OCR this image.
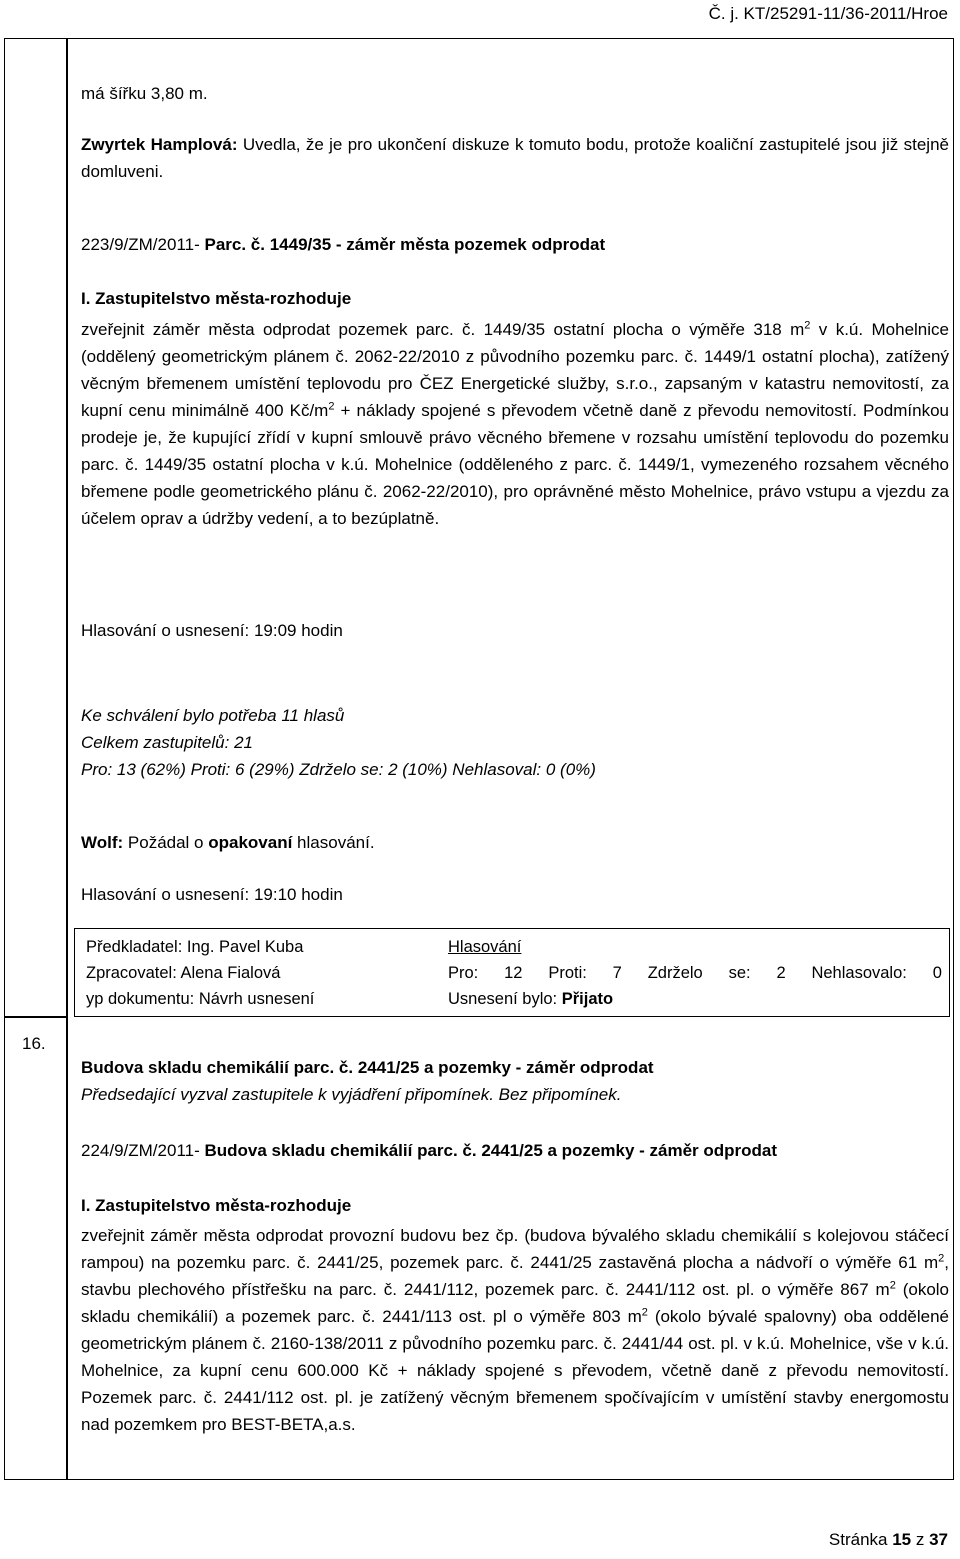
Č. j. KT/25291-11/36-2011/Hroe
16.

má šířku 3,80 m.

Zwyrtek Hamplová: Uvedla, že je pro ukončení diskuze k tomuto bodu, protože koaliční zastupitelé jsou již stejně domluveni.

223/9/ZM/2011- Parc. č. 1449/35 - záměr města pozemek odprodat

I. Zastupitelstvo města-rozhoduje

zveřejnit záměr města odprodat pozemek parc. č. 1449/35 ostatní plocha o výměře 318 $m^2$ v k.ú. Mohelnice (oddělený geometrickým plánem č. 2062-22/2010 z původního pozemku parc. č. 1449/1 ostatní plocha), zatížený věcným břemenem umístění teplovodu pro ČEZ Energetické služby, s.r.o., zapsaným v katastru nemovitostí, za kupní cenu minimálně 400 $Kč/m^2$ + náklady spojené s převodem včetně daně z převodu nemovitostí. Podmínkou prodeje je, že kupující zřídí v kupní smlouvě právo věcného břemene v rozsahu umístění teplovodu do pozemku parc. č. 1449/35 ostatní plocha v k.ú. Mohelnice (odděleného z parc. č. 1449/1, vymezeného rozsahem věcného břemene podle geometrického plánu č. 2062-22/2010), pro oprávněné město Mohelnice, právo vstupu a vjezdu za účelem oprav a údržby vedení, a to bezúplatně.

Hlasování o usnesení: 19:09 hodin

Ke schválení bylo potřeba 11 hlasů
Celkem zastupitelů: 21
Pro: 13 (62%) Proti: 6 (29%) Zdrželo se: 2 (10%) Nehlasoval: 0 (0%)

Wolf: Požádal o opakovaní hlasování.

Hlasování o usnesení: 19:10 hodin

Předkladatel: Ing. Pavel Kuba
Zpracovatel: Alena Fialová
yp dokumentu: Návrh usnesení
Hlasování
Pro: 12 Proti: 7 Zdrželo se: 2 Nehlasovalo: 0
Usnesení bylo: Přijato

Budova skladu chemikálií parc. č. 2441/25 a pozemky - záměr odprodat

Předsedající vyzval zastupitele k vyjádření připomínek. Bez připomínek.

224/9/ZM/2011- Budova skladu chemikálií parc. č. 2441/25 a pozemky - záměr odprodat

I. Zastupitelstvo města-rozhoduje

zveřejnit záměr města odprodat provozní budovu bez čp. (budova bývalého skladu chemikálií s kolejovou stáčecí rampou) na pozemku parc. č. 2441/25, pozemek parc. č. 2441/25 zastavěná plocha a nádvoří o výměře 61 $m^2$, stavbu plechového přístřešku na parc. č. 2441/112, pozemek parc. č. 2441/112 ost. pl. o výměře 867 $m^2$ (okolo skladu chemikálií) a pozemek parc. č. 2441/113 ost. pl o výměře 803 $m^2$ (okolo bývalé spalovny) oba oddělené geometrickým plánem č. 2160-138/2011 z původního pozemku parc. č. 2441/44 ost. pl. v k.ú. Mohelnice, vše v k.ú. Mohelnice, za kupní cenu 600.000 Kč + náklady spojené s převodem, včetně daně z převodu nemovitostí. Pozemek parc. č. 2441/112 ost. pl. je zatížený věcným břemenem spočívajícím v umístění stavby energomostu nad pozemkem pro BEST-BETA,a.s.

Stránka 15 z 37
